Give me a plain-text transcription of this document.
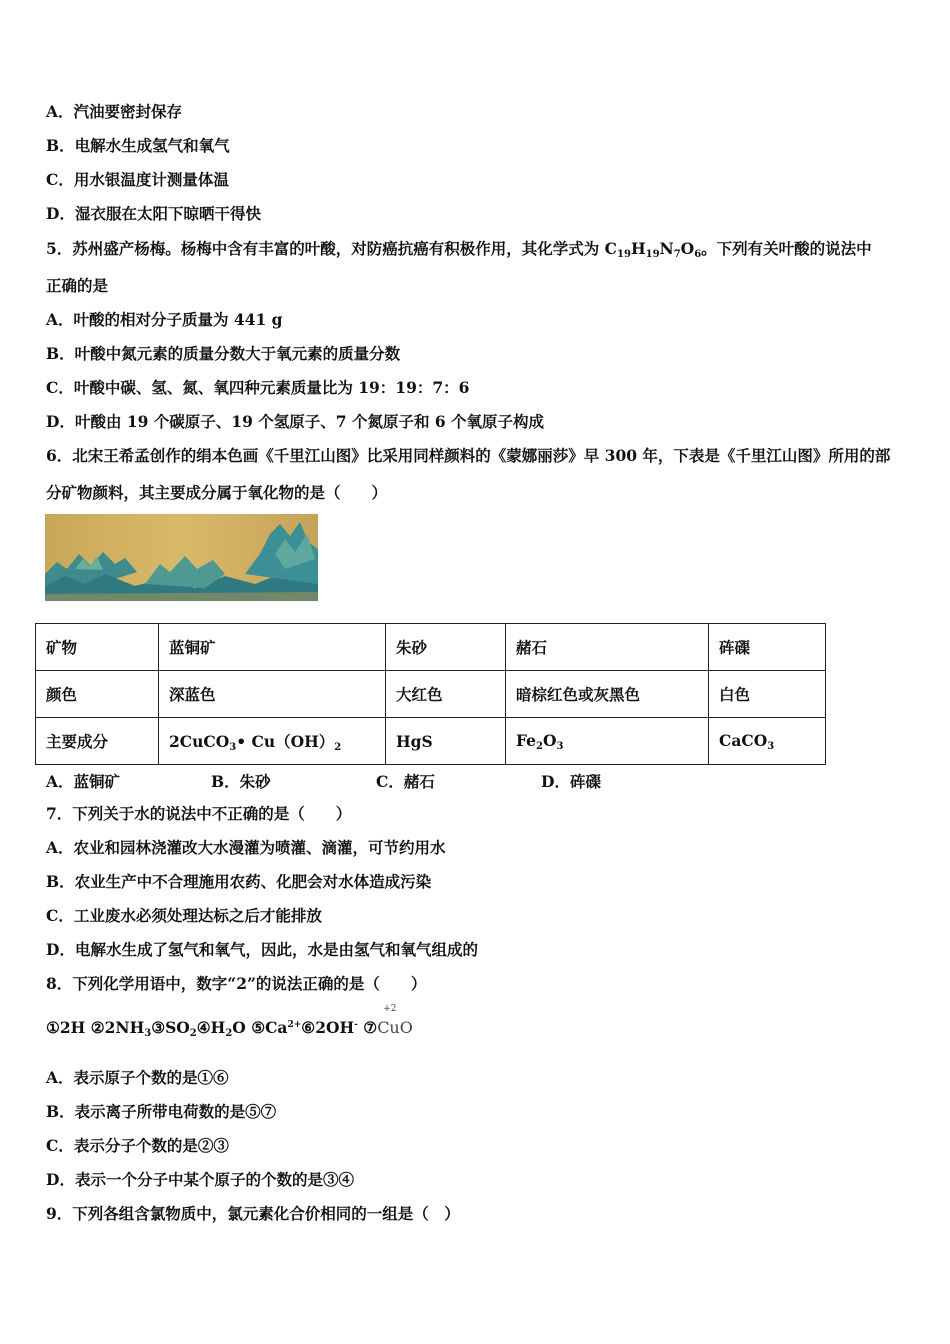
A．汽油要密封保存
B．电解水生成氢气和氧气
C．用水银温度计测量体温
D．湿衣服在太阳下晾晒干得快
5．苏州盛产杨梅。杨梅中含有丰富的叶酸，对防癌抗癌有积极作用，其化学式为 $C_{19}H_{19}N_7O_6$。下列有关叶酸的说法中
正确的是
A．叶酸的相对分子质量为 441 g
B．叶酸中氮元素的质量分数大于氧元素的质量分数
C．叶酸中碳、氢、氮、氧四种元素质量比为 19：19：7：6
D．叶酸由 19 个碳原子、19 个氢原子、7 个氮原子和 6 个氧原子构成
6．北宋王希孟创作的绢本色画《千里江山图》比采用同样颜料的《蒙娜丽莎》早 300 年，下表是《千里江山图》所用的部
分矿物颜料，其主要成分属于氧化物的是（　　）
矿物	蓝铜矿	朱砂	赭石	砗磲
颜色	深蓝色	大红色	暗棕红色或灰黑色	白色
主要成分	2CuCO$_3$• $Cu(OH)_2$	HgS	$Fe_2O_3$	CaCO$_3$
A．蓝铜矿	B．朱砂	C．赭石	D．砗磲
7．下列关于水的说法中不正确的是（　　）
A．农业和园林浇灌改大水漫灌为喷灌、滴灌，可节约用水
B．农业生产中不合理施用农药、化肥会对水体造成污染
C．工业废水必须处理达标之后才能排放
D．电解水生成了氢气和氧气，因此，水是由氢气和氧气组成的
8．下列化学用语中，数字“2”的说法正确的是（　　）
①2H $②2NH_3③SO_2④H_2O$ $⑤Ca^{2+}⑥2OH^-$ ⑦
+2
CuO
A．表示原子个数的是①⑥
B．表示离子所带电荷数的是⑤⑦
C．表示分子个数的是②③
D．表示一个分子中某个原子的个数的是③④
9．下列各组含氯物质中，氯元素化合价相同的一组是（　）
